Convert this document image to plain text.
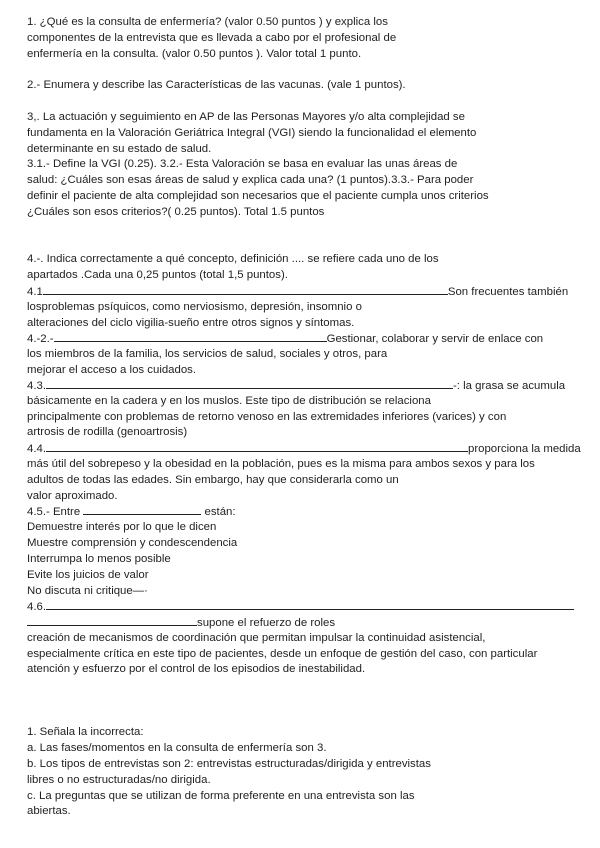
1. ¿Qué es la consulta de enfermería? (valor 0.50 puntos ) y explica los
componentes de la entrevista que es llevada a cabo por el profesional de
enfermería en la consulta. (valor 0.50 puntos ). Valor total 1 punto.
2.- Enumera y describe las Características de las vacunas. (vale 1 puntos).
3,. La actuación y seguimiento en AP de las Personas Mayores y/o alta complejidad se
fundamenta en la Valoración Geriátrica Integral (VGI) siendo la funcionalidad el elemento
determinante en su estado de salud.
3.1.- Define la VGI (0.25). 3.2.- Esta Valoración se basa en evaluar las unas áreas de
salud: ¿Cuáles son esas áreas de salud y explica cada una? (1 puntos).3.3.- Para poder
definir el paciente de alta complejidad son necesarios que el paciente cumpla unos criterios
¿Cuáles son esos criterios?( 0.25 puntos). Total 1.5 puntos
4.-. Indica correctamente a qué concepto, definición .... se refiere cada uno de los
apartados .Cada una 0,25 puntos (total 1,5 puntos).
4.1	Son frecuentes también
losproblemas psíquicos, como nerviosismo, depresión, insomnio o
alteraciones del ciclo vigilia-sueño entre otros signos y síntomas.
4.-2.-	Gestionar, colaborar y servir de enlace con
los miembros de la familia, los servicios de salud, sociales y otros, para
mejorar el acceso a los cuidados.
4.3.	-: la grasa se acumula
básicamente en la cadera y en los muslos. Este tipo de distribución se relaciona
principalmente con problemas de retorno venoso en las extremidades inferiores (varices) y con
artrosis de rodilla (genoartrosis)
4.4.	proporciona la medida
más útil del sobrepeso y la obesidad en la población, pues es la misma para ambos sexos y para los
adultos de todas las edades. Sin embargo, hay que considerarla como un
valor aproximado.
4.5.- Entre	están:
Demuestre interés por lo que le dicen
Muestre comprensión y condescendencia
Interrumpa lo menos posible
Evite los juicios de valor
No discuta ni critique—·
4.6.
supone el refuerzo de roles
creación de mecanismos de coordinación que permitan impulsar la continuidad asistencial,
especialmente crítica en este tipo de pacientes, desde un enfoque de gestión del caso, con particular
atención y esfuerzo por el control de los episodios de inestabilidad.
1. Señala la incorrecta:
a. Las fases/momentos en la consulta de enfermería son 3.
b. Los tipos de entrevistas son 2: entrevistas estructuradas/dirigida y entrevistas
libres o no estructuradas/no dirigida.
c. La preguntas que se utilizan de forma preferente en una entrevista son las
abiertas.
